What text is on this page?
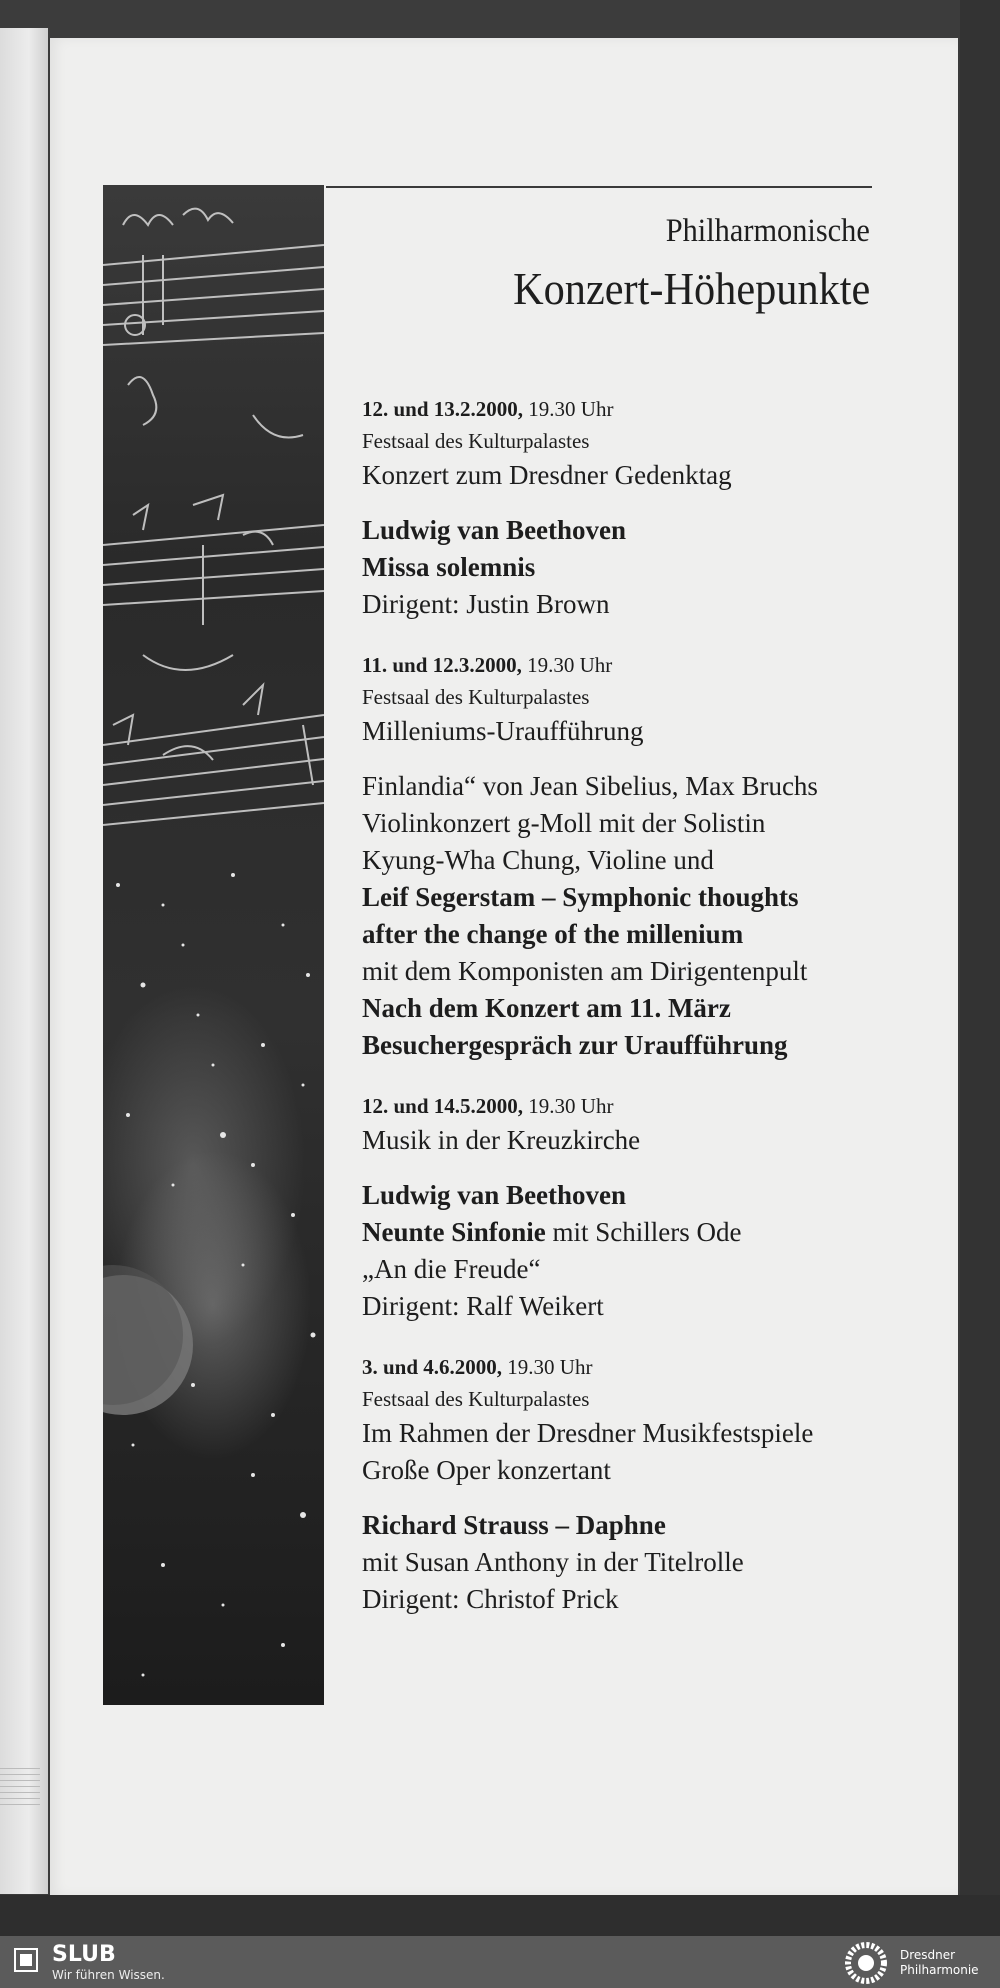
Philharmonische
Konzert-Höhepunkte
12. und 13.2.2000, 19.30 Uhr
Festsaal des Kulturpalastes
Konzert zum Dresdner Gedenktag
Ludwig van Beethoven
Missa solemnis
Dirigent: Justin Brown
11. und 12.3.2000, 19.30 Uhr
Festsaal des Kulturpalastes
Milleniums-Uraufführung
Finlandia“ von Jean Sibelius, Max Bruchs
Violinkonzert g-Moll mit der Solistin
Kyung-Wha Chung, Violine und
Leif Segerstam – Symphonic thoughts
after the change of the millenium
mit dem Komponisten am Dirigentenpult
Nach dem Konzert am 11. März
Besuchergespräch zur Uraufführung
12. und 14.5.2000, 19.30 Uhr
Musik in der Kreuzkirche
Ludwig van Beethoven
Neunte Sinfonie mit Schillers Ode
„An die Freude“
Dirigent: Ralf Weikert
3. und 4.6.2000, 19.30 Uhr
Festsaal des Kulturpalastes
Im Rahmen der Dresdner Musikfestspiele
Große Oper konzertant
Richard Strauss – Daphne
mit Susan Anthony in der Titelrolle
Dirigent: Christof Prick
SLUB
Wir führen Wissen.
Dresdner
Philharmonie
